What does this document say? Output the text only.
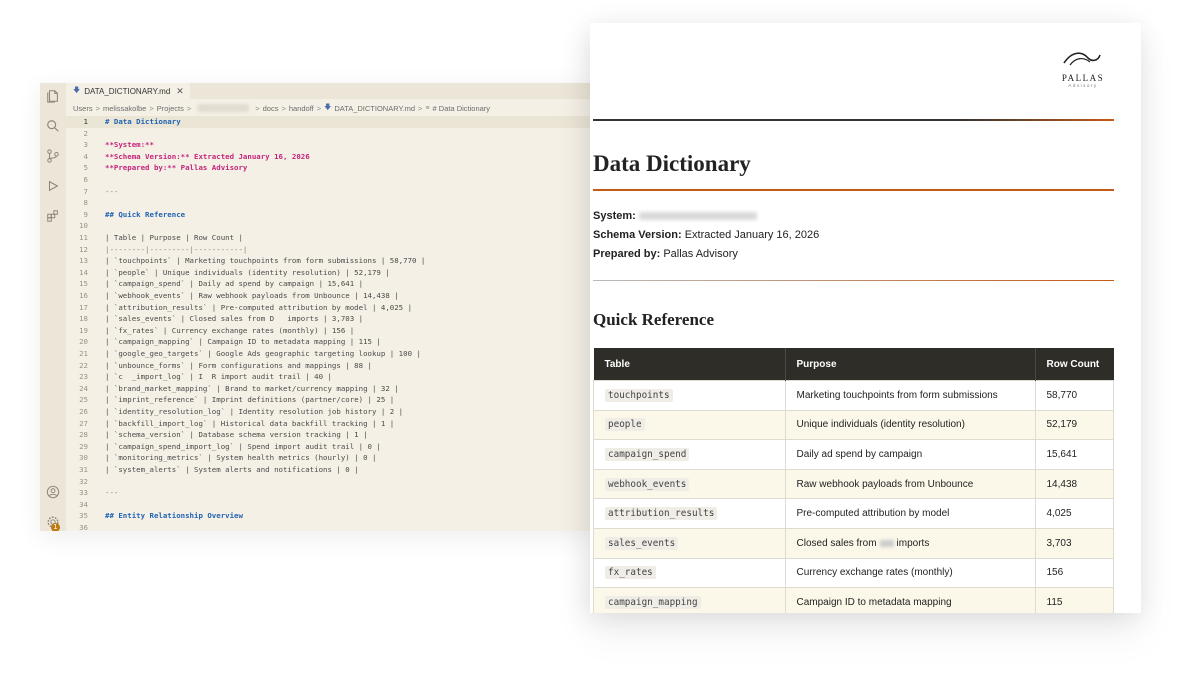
1
🡇 DATA_DICTIONARY.md ✕
Users > melissakolbe > Projects >	> docs > handoff > 🡇 DATA_DICTIONARY.md > ≡ # Data Dictionary
1 # Data Dictionary
2
3 **System:**
4 **Schema Version:** Extracted January 16, 2026
5 **Prepared by:** Pallas Advisory
6
7 ---
8
9 ## Quick Reference
10
11 | Table | Purpose | Row Count |
12 |--------|---------|-----------|
13 | `touchpoints` | Marketing touchpoints from form submissions | 58,770 |
14 | `people` | Unique individuals (identity resolution) | 52,179 |
15 | `campaign_spend` | Daily ad spend by campaign | 15,641 |
16 | `webhook_events` | Raw webhook payloads from Unbounce | 14,438 |
17 | `attribution_results` | Pre-computed attribution by model | 4,025 |
18 | `sales_events` | Closed sales from D   imports | 3,703 |
19 | `fx_rates` | Currency exchange rates (monthly) | 156 |
20 | `campaign_mapping` | Campaign ID to metadata mapping | 115 |
21 | `google_geo_targets` | Google Ads geographic targeting lookup | 100 |
22 | `unbounce_forms` | Form configurations and mappings | 88 |
23 | `c  _import_log` | I  R import audit trail | 40 |
24 | `brand_market_mapping` | Brand to market/currency mapping | 32 |
25 | `imprint_reference` | Imprint definitions (partner/core) | 25 |
26 | `identity_resolution_log` | Identity resolution job history | 2 |
27 | `backfill_import_log` | Historical data backfill tracking | 1 |
28 | `schema_version` | Database schema version tracking | 1 |
29 | `campaign_spend_import_log` | Spend import audit trail | 0 |
30 | `monitoring_metrics` | System health metrics (hourly) | 0 |
31 | `system_alerts` | System alerts and notifications | 0 |
32
33 ---
34
35 ## Entity Relationship Overview
36
PALLAS
Advisory
Data Dictionary
System:
Schema Version: Extracted January 16, 2026
Prepared by: Pallas Advisory
Quick Reference
Table	Purpose	Row Count
touchpoints	Marketing touchpoints from form submissions	58,770
people	Unique individuals (identity resolution)	52,179
campaign_spend	Daily ad spend by campaign	15,641
webhook_events	Raw webhook payloads from Unbounce	14,438
attribution_results	Pre-computed attribution by model	4,025
sales_events	Closed sales from imports	3,703
fx_rates	Currency exchange rates (monthly)	156
campaign_mapping	Campaign ID to metadata mapping	115
